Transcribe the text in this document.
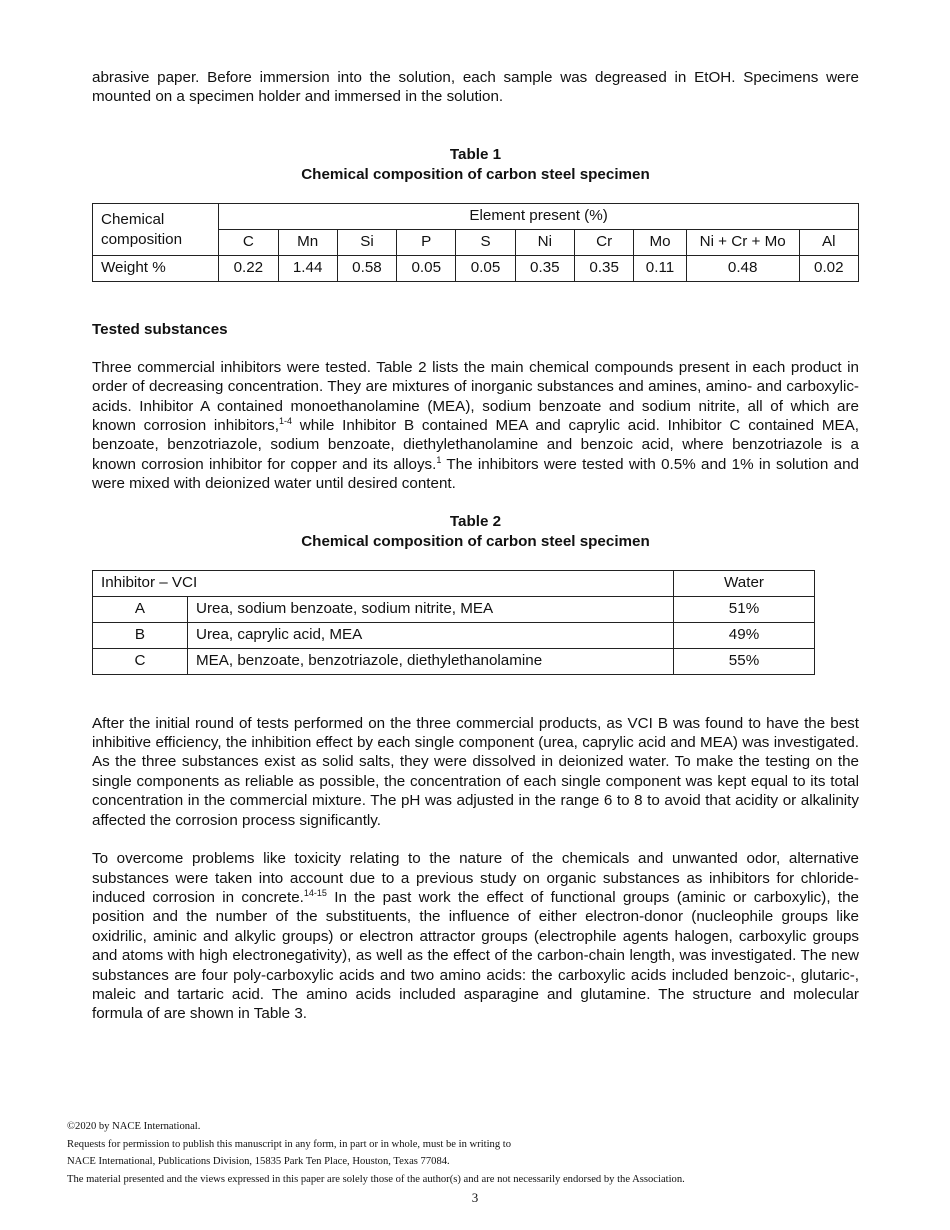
abrasive paper. Before immersion into the solution, each sample was degreased in EtOH. Specimens were mounted on a specimen holder and immersed in the solution.

Table 1
Chemical composition of carbon steel specimen
Chemical composition	Element present (%)									
	C	Mn	Si	P	S	Ni	Cr	Mo	Ni + Cr + Mo	Al
Weight %	0.22	1.44	0.58	0.05	0.05	0.35	0.35	0.11	0.48	0.02
Tested substances

Three commercial inhibitors were tested. Table 2 lists the main chemical compounds present in each product in order of decreasing concentration. They are mixtures of inorganic substances and amines, amino- and carboxylic- acids. Inhibitor A contained monoethanolamine (MEA), sodium benzoate and sodium nitrite, all of which are known corrosion inhibitors,$^{1-4}$ while Inhibitor B contained MEA and caprylic acid. Inhibitor C contained MEA, benzoate, benzotriazole, sodium benzoate, diethylethanolamine and benzoic acid, where benzotriazole is a known corrosion inhibitor for copper and its alloys.$^1$ The inhibitors were tested with 0.5% and 1% in solution and were mixed with deionized water until desired content.

Table 2
Chemical composition of carbon steel specimen
Inhibitor – VCI		Water
A	Urea, sodium benzoate, sodium nitrite, MEA	51%
B	Urea, caprylic acid, MEA	49%
C	MEA, benzoate, benzotriazole, diethylethanolamine	55%

After the initial round of tests performed on the three commercial products, as VCI B was found to have the best inhibitive efficiency, the inhibition effect by each single component (urea, caprylic acid and MEA) was investigated. As the three substances exist as solid salts, they were dissolved in deionized water. To make the testing on the single components as reliable as possible, the concentration of each single component was kept equal to its total concentration in the commercial mixture. The pH was adjusted in the range 6 to 8 to avoid that acidity or alkalinity affected the corrosion process significantly.

To overcome problems like toxicity relating to the nature of the chemicals and unwanted odor, alternative substances were taken into account due to a previous study on organic substances as inhibitors for chloride-induced corrosion in concrete.$^{14-15}$ In the past work the effect of functional groups (aminic or carboxylic), the position and the number of the substituents, the influence of either electron-donor (nucleophile groups like oxidrilic, aminic and alkylic groups) or electron attractor groups (electrophile agents halogen, carboxylic groups and atoms with high electronegativity), as well as the effect of the carbon-chain length, was investigated. The new substances are four poly-carboxylic acids and two amino acids: the carboxylic acids included benzoic-, glutaric-, maleic and tartaric acid. The amino acids included asparagine and glutamine. The structure and molecular formula of are shown in Table 3.

©2020 by NACE International.
Requests for permission to publish this manuscript in any form, in part or in whole, must be in writing to
NACE International, Publications Division, 15835 Park Ten Place, Houston, Texas 77084.
The material presented and the views expressed in this paper are solely those of the author(s) and are not necessarily endorsed by the Association.
3
